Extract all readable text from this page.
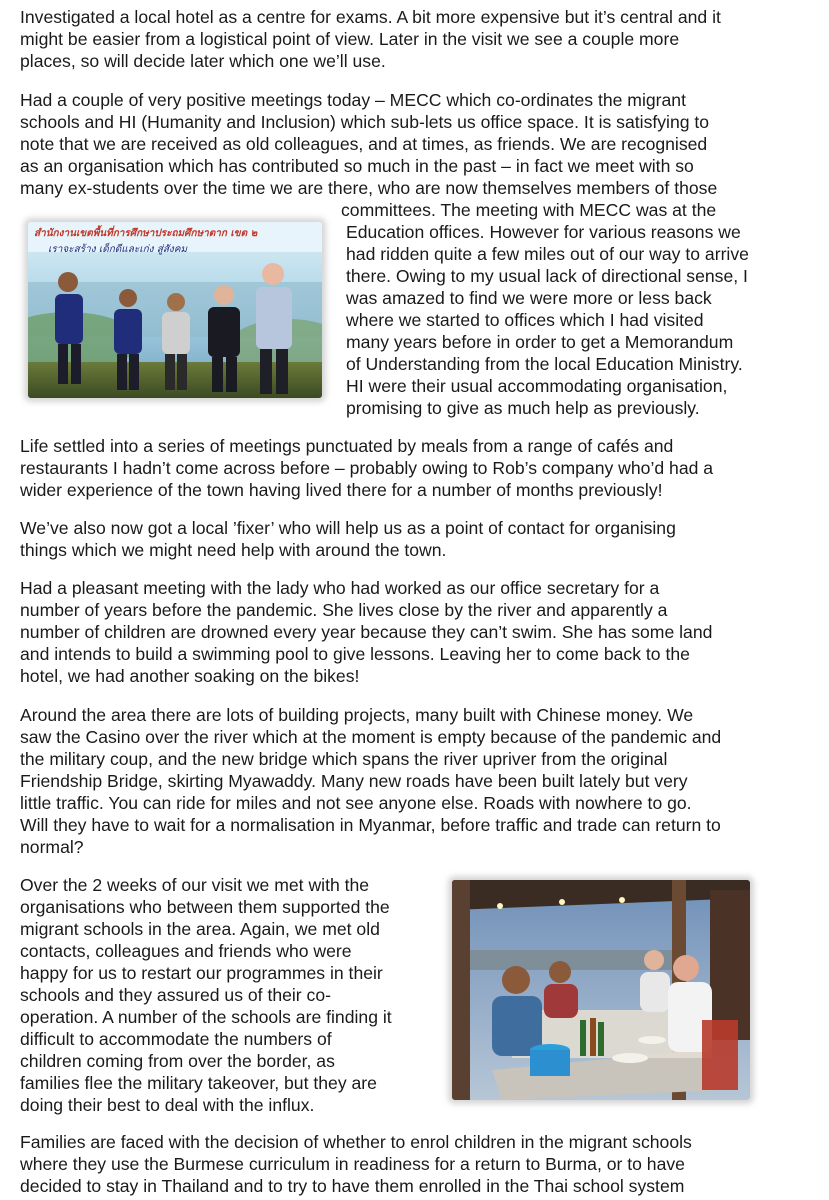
Investigated a local hotel as a centre for exams. A bit more expensive but it’s central and it
might be easier from a logistical point of view. Later in the visit we see a couple more
places, so will decide later which one we’ll use.
Had a couple of very positive meetings today – MECC which co-ordinates the migrant
schools and HI (Humanity and Inclusion) which sub-lets us office space. It is satisfying to
note that we are received as old colleagues, and at times, as friends. We are recognised
as an organisation which has contributed so much in the past – in fact we meet with so
many ex-students over the time we are there, who are now themselves members of those
committees. The meeting with MECC was at the
Education offices. However for various reasons we
had ridden quite a few miles out of our way to arrive
there. Owing to my usual lack of directional sense, I
was amazed to find we were more or less back
where we started to offices which I had visited
many years before in order to get a Memorandum
of Understanding from the local Education Ministry.
HI were their usual accommodating organisation,
promising to give as much help as previously.
สำนักงานเขตพื้นที่การศึกษาประถมศึกษาตาก เขต ๒
เราจะสร้าง เด็กดีและเก่ง สู่สังคม
Life settled into a series of meetings punctuated by meals from a range of cafés and
restaurants I hadn’t come across before – probably owing to Rob’s company who’d had a
wider experience of the town having lived there for a number of months previously!
We’ve also now got a local ’fixer’ who will help us as a point of contact for organising
things which we might need help with around the town.
Had a pleasant meeting with the lady who had worked as our office secretary for a
number of years before the pandemic. She lives close by the river and apparently a
number of children are drowned every year because they can’t swim. She has some land
and intends to build a swimming pool to give lessons. Leaving her to come back to the
hotel, we had another soaking on the bikes!
Around the area there are lots of building projects, many built with Chinese money. We
saw the Casino over the river which at the moment is empty because of the pandemic and
the military coup, and the new bridge which spans the river upriver from the original
Friendship Bridge, skirting Myawaddy. Many new roads have been built lately but very
little traffic. You can ride for miles and not see anyone else. Roads with nowhere to go.
Will they have to wait for a normalisation in Myanmar, before traffic and trade can return to
normal?
Over the 2 weeks of our visit we met with the
organisations who between them supported the
migrant schools in the area. Again, we met old
contacts, colleagues and friends who were
happy for us to restart our programmes in their
schools and they assured us of their co-
operation. A number of the schools are finding it
difficult to accommodate the numbers of
children coming from over the border, as
families flee the military takeover, but they are
doing their best to deal with the influx.
Families are faced with the decision of whether to enrol children in the migrant schools
where they use the Burmese curriculum in readiness for a return to Burma, or to have
decided to stay in Thailand and to try to have them enrolled in the Thai school system
